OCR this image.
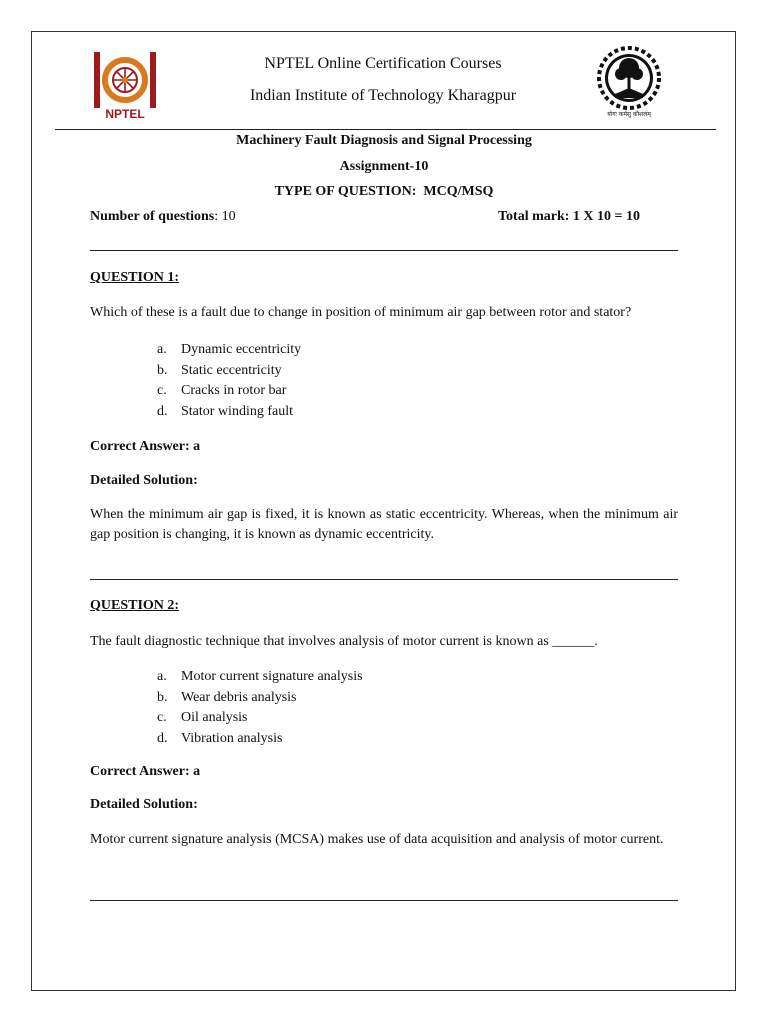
NPTEL
NPTEL Online Certification Courses
Indian Institute of Technology Kharagpur
योगः कर्मसु कौशलम्
Machinery Fault Diagnosis and Signal Processing
Assignment-10
TYPE OF QUESTION:  MCQ/MSQ
Number of questions: 10	Total mark: 1 X 10 = 10
QUESTION 1:
Which of these is a fault due to change in position of minimum air gap between rotor and stator?
a.	Dynamic eccentricity
b. Static eccentricity
c.	Cracks in rotor bar
d. Stator winding fault
Correct Answer: a
Detailed Solution:
When the minimum air gap is fixed, it is known as static eccentricity. Whereas, when the minimum air gap position is changing, it is known as dynamic eccentricity.
QUESTION 2:
The fault diagnostic technique that involves analysis of motor current is known as ______.
a.	Motor current signature analysis
b. Wear debris analysis
c.	Oil analysis
d. Vibration analysis
Correct Answer: a
Detailed Solution:
Motor current signature analysis (MCSA) makes use of data acquisition and analysis of motor current.
